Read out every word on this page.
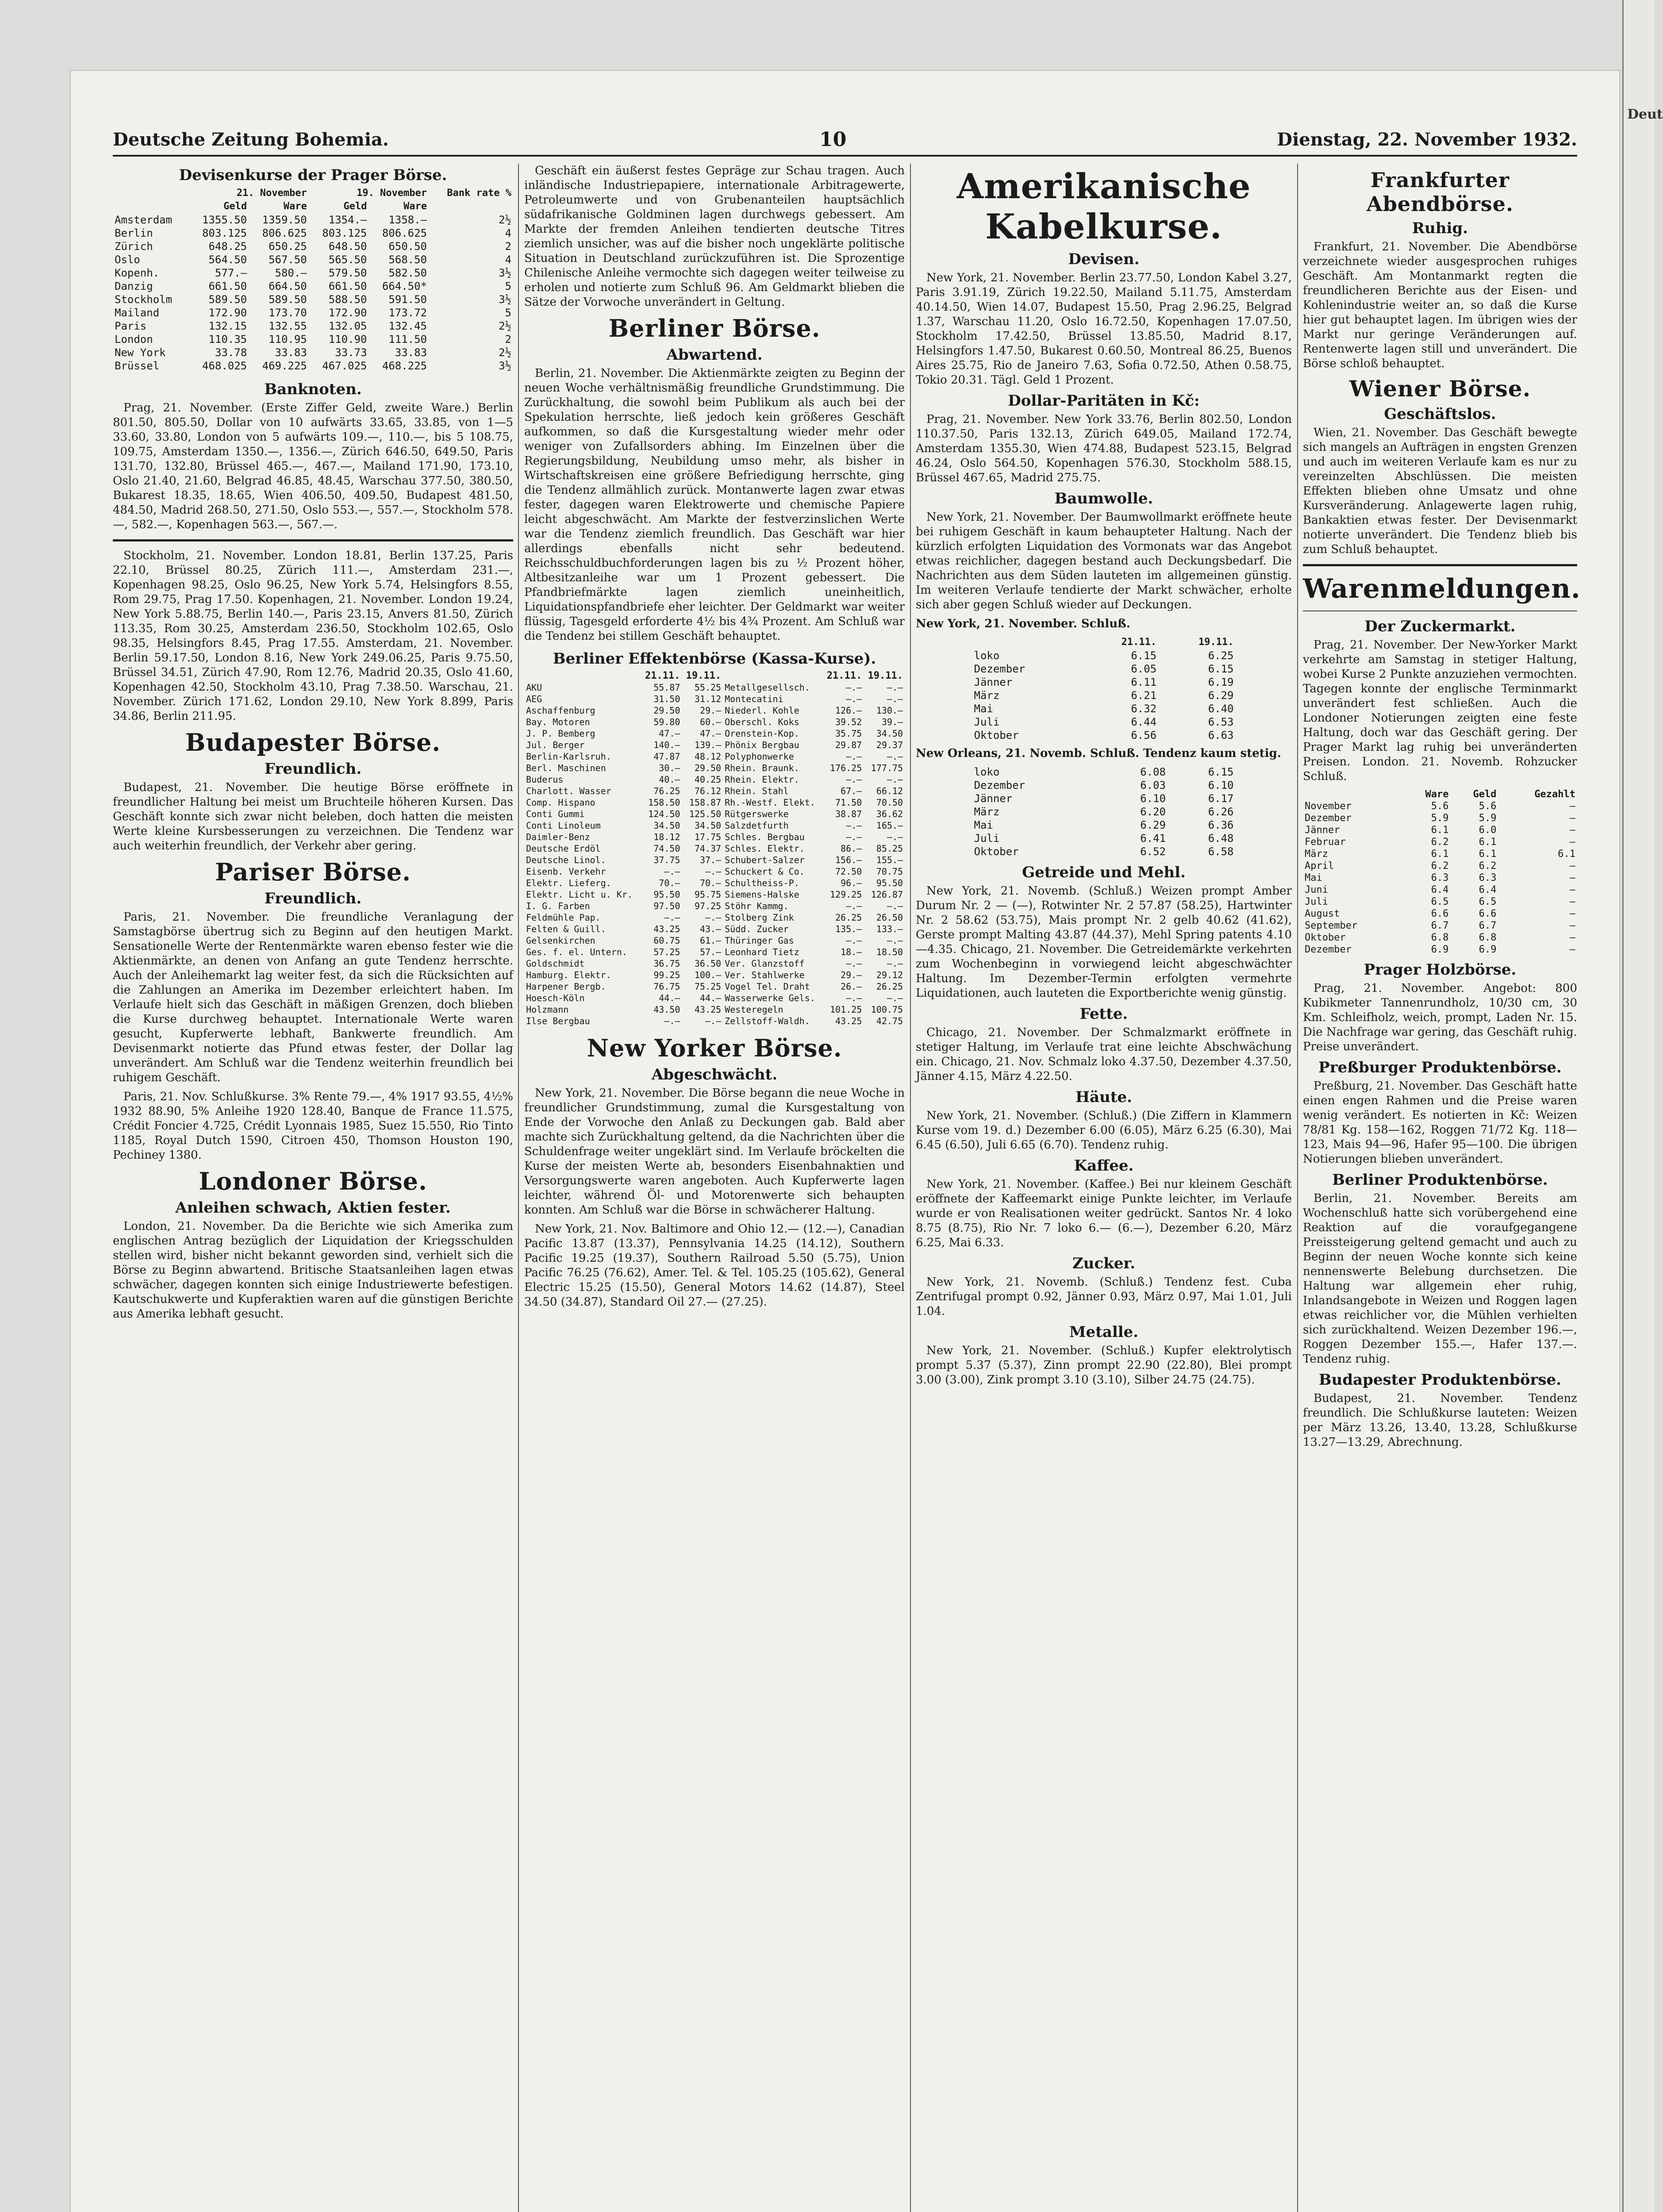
Deutsche Zeitung Bohemia.	10	Dienstag, 22. November 1932.
Devisenkurse der Prager Börse.
	21. November		19. November		Bank rate %
	Geld	Ware	Geld	Ware	
Amsterdam	1355.50	1359.50	1354.—	1358.—	2½
Berlin	803.125	806.625	803.125	806.625	4
Zürich	648.25	650.25	648.50	650.50	2
Oslo	564.50	567.50	565.50	568.50	4
Kopenh.	577.—	580.—	579.50	582.50	3½
Danzig	661.50	664.50	661.50	664.50*	5
Stockholm	589.50	589.50	588.50	591.50	3½
Mailand	172.90	173.70	172.90	173.72	5
Paris	132.15	132.55	132.05	132.45	2½
London	110.35	110.95	110.90	111.50	2
New York	33.78	33.83	33.73	33.83	2½
Brüssel	468.025	469.225	467.025	468.225	3½
Banknoten.

Prag, 21. November. (Erste Ziffer Geld, zweite Ware.) Berlin 801.50, 805.50, Dollar von 10 aufwärts 33.65, 33.85, von 1—5 33.60, 33.80, London von 5 aufwärts 109.—, 110.—, bis 5 108.75, 109.75, Amsterdam 1350.—, 1356.—, Zürich 646.50, 649.50, Paris 131.70, 132.80, Brüssel 465.—, 467.—, Mailand 171.90, 173.10, Oslo 21.40, 21.60, Belgrad 46.85, 48.45, Warschau 377.50, 380.50, Bukarest 18.35, 18.65, Wien 406.50, 409.50, Budapest 481.50, 484.50, Madrid 268.50, 271.50, Oslo 553.—, 557.—, Stockholm 578.—, 582.—, Kopenhagen 563.—, 567.—.

Stockholm, 21. November. London 18.81, Berlin 137.25, Paris 22.10, Brüssel 80.25, Zürich 111.—, Amsterdam 231.—, Kopenhagen 98.25, Oslo 96.25, New York 5.74, Helsingfors 8.55, Rom 29.75, Prag 17.50. Kopenhagen, 21. November. London 19.24, New York 5.88.75, Berlin 140.—, Paris 23.15, Anvers 81.50, Zürich 113.35, Rom 30.25, Amsterdam 236.50, Stockholm 102.65, Oslo 98.35, Helsingfors 8.45, Prag 17.55. Amsterdam, 21. November. Berlin 59.17.50, London 8.16, New York 249.06.25, Paris 9.75.50, Brüssel 34.51, Zürich 47.90, Rom 12.76, Madrid 20.35, Oslo 41.60, Kopenhagen 42.50, Stockholm 43.10, Prag 7.38.50. Warschau, 21. November. Zürich 171.62, London 29.10, New York 8.899, Paris 34.86, Berlin 211.95.

Budapester Börse.
Freundlich.

Budapest, 21. November. Die heutige Börse eröffnete in freundlicher Haltung bei meist um Bruchteile höheren Kursen. Das Geschäft konnte sich zwar nicht beleben, doch hatten die meisten Werte kleine Kursbesserungen zu verzeichnen. Die Tendenz war auch weiterhin freundlich, der Verkehr aber gering.

Pariser Börse.
Freundlich.

Paris, 21. November. Die freundliche Veranlagung der Samstagbörse übertrug sich zu Beginn auf den heutigen Markt. Sensationelle Werte der Rentenmärkte waren ebenso fester wie die Aktienmärkte, an denen von Anfang an gute Tendenz herrschte. Auch der Anleihemarkt lag weiter fest, da sich die Rücksichten auf die Zahlungen an Amerika im Dezember erleichtert haben. Im Verlaufe hielt sich das Geschäft in mäßigen Grenzen, doch blieben die Kurse durchweg behauptet. Internationale Werte waren gesucht, Kupferwerte lebhaft, Bankwerte freundlich. Am Devisenmarkt notierte das Pfund etwas fester, der Dollar lag unverändert. Am Schluß war die Tendenz weiterhin freundlich bei ruhigem Geschäft.

Paris, 21. Nov. Schlußkurse. 3% Rente 79.—, 4% 1917 93.55, 4½% 1932 88.90, 5% Anleihe 1920 128.40, Banque de France 11.575, Crédit Foncier 4.725, Crédit Lyonnais 1985, Suez 15.550, Rio Tinto 1185, Royal Dutch 1590, Citroen 450, Thomson Houston 190, Pechiney 1380.

Londoner Börse.
Anleihen schwach, Aktien fester.

London, 21. November. Da die Berichte wie sich Amerika zum englischen Antrag bezüglich der Liquidation der Kriegsschulden stellen wird, bisher nicht bekannt geworden sind, verhielt sich die Börse zu Beginn abwartend. Britische Staatsanleihen lagen etwas schwächer, dagegen konnten sich einige Industriewerte befestigen. Kautschukwerte und Kupferaktien waren auf die günstigen Berichte aus Amerika lebhaft gesucht.

Geschäft ein äußerst festes Gepräge zur Schau tragen. Auch inländische Industriepapiere, internationale Arbitragewerte, Petroleumwerte und von Grubenanteilen hauptsächlich südafrikanische Goldminen lagen durchwegs gebessert. Am Markte der fremden Anleihen tendierten deutsche Titres ziemlich unsicher, was auf die bisher noch ungeklärte politische Situation in Deutschland zurückzuführen ist. Die Sprozentige Chilenische Anleihe vermochte sich dagegen weiter teilweise zu erholen und notierte zum Schluß 96. Am Geldmarkt blieben die Sätze der Vorwoche unverändert in Geltung.

Berliner Börse.
Abwartend.

Berlin, 21. November. Die Aktienmärkte zeigten zu Beginn der neuen Woche verhältnismäßig freundliche Grundstimmung. Die Zurückhaltung, die sowohl beim Publikum als auch bei der Spekulation herrschte, ließ jedoch kein größeres Geschäft aufkommen, so daß die Kursgestaltung wieder mehr oder weniger von Zufallsorders abhing. Im Einzelnen über die Regierungsbildung, Neubildung umso mehr, als bisher in Wirtschaftskreisen eine größere Befriedigung herrschte, ging die Tendenz allmählich zurück. Montanwerte lagen zwar etwas fester, dagegen waren Elektrowerte und chemische Papiere leicht abgeschwächt. Am Markte der festverzinslichen Werte war die Tendenz ziemlich freundlich. Das Geschäft war hier allerdings ebenfalls nicht sehr bedeutend. Reichsschuldbuchforderungen lagen bis zu ½ Prozent höher, Altbesitzanleihe war um 1 Prozent gebessert. Die Pfandbriefmärkte lagen ziemlich uneinheitlich, Liquidationspfandbriefe eher leichter. Der Geldmarkt war weiter flüssig, Tagesgeld erforderte 4½ bis 4¾ Prozent. Am Schluß war die Tendenz bei stillem Geschäft behauptet.

Berliner Effektenbörse (Kassa-Kurse).
	21.11.	19.11.		21.11.	19.11.
AKU	55.87	55.25	Metallgesellsch.	—.—	—.—
AEG	31.50	31.12	Montecatini	—.—	—.—
Aschaffenburg	29.50	29.—	Niederl. Kohle	126.—	130.—
Bay. Motoren	59.80	60.—	Oberschl. Koks	39.52	39.—
J. P. Bemberg	47.—	47.—	Orenstein-Kop.	35.75	34.50
Jul. Berger	140.—	139.—	Phönix Bergbau	29.87	29.37
Berlin-Karlsruh.	47.87	48.12	Polyphonwerke	—.—	—.—
Berl. Maschinen	30.—	29.50	Rhein. Braunk.	176.25	177.75
Buderus	40.—	40.25	Rhein. Elektr.	—.—	—.—
Charlott. Wasser	76.25	76.12	Rhein. Stahl	67.—	66.12
Comp. Hispano	158.50	158.87	Rh.-Westf. Elekt.	71.50	70.50
Conti Gummi	124.50	125.50	Rütgerswerke	38.87	36.62
Conti Linoleum	34.50	34.50	Salzdetfurth	—.—	165.—
Daimler-Benz	18.12	17.75	Schles. Bergbau	—.—	—.—
Deutsche Erdöl	74.50	74.37	Schles. Elektr.	86.—	85.25
Deutsche Linol.	37.75	37.—	Schubert-Salzer	156.—	155.—
Eisenb. Verkehr	—.—	—.—	Schuckert & Co.	72.50	70.75
Elektr. Lieferg.	70.—	70.—	Schultheiss-P.	96.—	95.50
Elektr. Licht u. Kr.	95.50	95.75	Siemens-Halske	129.25	126.87
I. G. Farben	97.50	97.25	Stöhr Kammg.	—.—	—.—
Feldmühle Pap.	—.—	—.—	Stolberg Zink	26.25	26.50
Felten & Guill.	43.25	43.—	Südd. Zucker	135.—	133.—
Gelsenkirchen	60.75	61.—	Thüringer Gas	—.—	—.—
Ges. f. el. Untern.	57.25	57.—	Leonhard Tietz	18.—	18.50
Goldschmidt	36.75	36.50	Ver. Glanzstoff	—.—	—.—
Hamburg. Elektr.	99.25	100.—	Ver. Stahlwerke	29.—	29.12
Harpener Bergb.	76.75	75.25	Vogel Tel. Draht	26.—	26.25
Hoesch-Köln	44.—	44.—	Wasserwerke Gels.	—.—	—.—
Holzmann	43.50	43.25	Westeregeln	101.25	100.75
Ilse Bergbau	—.—	—.—	Zellstoff-Waldh.	43.25	42.75
New Yorker Börse.
Abgeschwächt.

New York, 21. November. Die Börse begann die neue Woche in freundlicher Grundstimmung, zumal die Kursgestaltung von Ende der Vorwoche den Anlaß zu Deckungen gab. Bald aber machte sich Zurückhaltung geltend, da die Nachrichten über die Schuldenfrage weiter ungeklärt sind. Im Verlaufe bröckelten die Kurse der meisten Werte ab, besonders Eisenbahnaktien und Versorgungswerte waren angeboten. Auch Kupferwerte lagen leichter, während Öl- und Motorenwerte sich behaupten konnten. Am Schluß war die Börse in schwächerer Haltung.

New York, 21. Nov. Baltimore and Ohio 12.— (12.—), Canadian Pacific 13.87 (13.37), Pennsylvania 14.25 (14.12), Southern Pacific 19.25 (19.37), Southern Railroad 5.50 (5.75), Union Pacific 76.25 (76.62), Amer. Tel. & Tel. 105.25 (105.62), General Electric 15.25 (15.50), General Motors 14.62 (14.87), Steel 34.50 (34.87), Standard Oil 27.— (27.25).

Amerikanische Kabelkurse.
Devisen.

New York, 21. November. Berlin 23.77.50, London Kabel 3.27, Paris 3.91.19, Zürich 19.22.50, Mailand 5.11.75, Amsterdam 40.14.50, Wien 14.07, Budapest 15.50, Prag 2.96.25, Belgrad 1.37, Warschau 11.20, Oslo 16.72.50, Kopenhagen 17.07.50, Stockholm 17.42.50, Brüssel 13.85.50, Madrid 8.17, Helsingfors 1.47.50, Bukarest 0.60.50, Montreal 86.25, Buenos Aires 25.75, Rio de Janeiro 7.63, Sofia 0.72.50, Athen 0.58.75, Tokio 20.31. Tägl. Geld 1 Prozent.

Dollar-Paritäten in Kč:

Prag, 21. November. New York 33.76, Berlin 802.50, London 110.37.50, Paris 132.13, Zürich 649.05, Mailand 172.74, Amsterdam 1355.30, Wien 474.88, Budapest 523.15, Belgrad 46.24, Oslo 564.50, Kopenhagen 576.30, Stockholm 588.15, Brüssel 467.65, Madrid 275.75.

Baumwolle.

New York, 21. November. Der Baumwollmarkt eröffnete heute bei ruhigem Geschäft in kaum behaupteter Haltung. Nach der kürzlich erfolgten Liquidation des Vormonats war das Angebot etwas reichlicher, dagegen bestand auch Deckungsbedarf. Die Nachrichten aus dem Süden lauteten im allgemeinen günstig. Im weiteren Verlaufe tendierte der Markt schwächer, erholte sich aber gegen Schluß wieder auf Deckungen.

New York, 21. November. Schluß.

	21.11.	19.11.
loko	6.15	6.25
Dezember	6.05	6.15
Jänner	6.11	6.19
März	6.21	6.29
Mai	6.32	6.40
Juli	6.44	6.53
Oktober	6.56	6.63

New Orleans, 21. Novemb. Schluß. Tendenz kaum stetig.

loko	6.08	6.15
Dezember	6.03	6.10
Jänner	6.10	6.17
März	6.20	6.26
Mai	6.29	6.36
Juli	6.41	6.48
Oktober	6.52	6.58
Getreide und Mehl.

New York, 21. Novemb. (Schluß.) Weizen prompt Amber Durum Nr. 2 — (—), Rotwinter Nr. 2 57.87 (58.25), Hartwinter Nr. 2 58.62 (53.75), Mais prompt Nr. 2 gelb 40.62 (41.62), Gerste prompt Malting 43.87 (44.37), Mehl Spring patents 4.10—4.35. Chicago, 21. November. Die Getreidemärkte verkehrten zum Wochenbeginn in vorwiegend leicht abgeschwächter Haltung. Im Dezember-Termin erfolgten vermehrte Liquidationen, auch lauteten die Exportberichte wenig günstig.

Fette.

Chicago, 21. November. Der Schmalzmarkt eröffnete in stetiger Haltung, im Verlaufe trat eine leichte Abschwächung ein. Chicago, 21. Nov. Schmalz loko 4.37.50, Dezember 4.37.50, Jänner 4.15, März 4.22.50.

Häute.

New York, 21. November. (Schluß.) (Die Ziffern in Klammern Kurse vom 19. d.) Dezember 6.00 (6.05), März 6.25 (6.30), Mai 6.45 (6.50), Juli 6.65 (6.70). Tendenz ruhig.

Kaffee.

New York, 21. November. (Kaffee.) Bei nur kleinem Geschäft eröffnete der Kaffeemarkt einige Punkte leichter, im Verlaufe wurde er von Realisationen weiter gedrückt. Santos Nr. 4 loko 8.75 (8.75), Rio Nr. 7 loko 6.— (6.—), Dezember 6.20, März 6.25, Mai 6.33.

Zucker.

New York, 21. Novemb. (Schluß.) Tendenz fest. Cuba Zentrifugal prompt 0.92, Jänner 0.93, März 0.97, Mai 1.01, Juli 1.04.

Metalle.

New York, 21. November. (Schluß.) Kupfer elektrolytisch prompt 5.37 (5.37), Zinn prompt 22.90 (22.80), Blei prompt 3.00 (3.00), Zink prompt 3.10 (3.10), Silber 24.75 (24.75).

Frankfurter Abendbörse.
Ruhig.

Frankfurt, 21. November. Die Abendbörse verzeichnete wieder ausgesprochen ruhiges Geschäft. Am Montanmarkt regten die freundlicheren Berichte aus der Eisen- und Kohlenindustrie weiter an, so daß die Kurse hier gut behauptet lagen. Im übrigen wies der Markt nur geringe Veränderungen auf. Rentenwerte lagen still und unverändert. Die Börse schloß behauptet.

Wiener Börse.
Geschäftslos.

Wien, 21. November. Das Geschäft bewegte sich mangels an Aufträgen in engsten Grenzen und auch im weiteren Verlaufe kam es nur zu vereinzelten Abschlüssen. Die meisten Effekten blieben ohne Umsatz und ohne Kursveränderung. Anlagewerte lagen ruhig, Bankaktien etwas fester. Der Devisenmarkt notierte unverändert. Die Tendenz blieb bis zum Schluß behauptet.

Warenmeldungen.
Der Zuckermarkt.

Prag, 21. November. Der New-Yorker Markt verkehrte am Samstag in stetiger Haltung, wobei Kurse 2 Punkte anzuziehen vermochten. Tagegen konnte der englische Terminmarkt unverändert fest schließen. Auch die Londoner Notierungen zeigten eine feste Haltung, doch war das Geschäft gering. Der Prager Markt lag ruhig bei unveränderten Preisen. London. 21. Novemb. Rohzucker Schluß.

	Ware	Geld	Gezahlt
November	5.6	5.6	—
Dezember	5.9	5.9	—
Jänner	6.1	6.0	—
Februar	6.2	6.1	—
März	6.1	6.1	6.1
April	6.2	6.2	—
Mai	6.3	6.3	—
Juni	6.4	6.4	—
Juli	6.5	6.5	—
August	6.6	6.6	—
September	6.7	6.7	—
Oktober	6.8	6.8	—
Dezember	6.9	6.9	—
Prager Holzbörse.

Prag, 21. November. Angebot: 800 Kubikmeter Tannenrundholz, 10/30 cm, 30 Km. Schleifholz, weich, prompt, Laden Nr. 15. Die Nachfrage war gering, das Geschäft ruhig. Preise unverändert.

Preßburger Produktenbörse.

Preßburg, 21. November. Das Geschäft hatte einen engen Rahmen und die Preise waren wenig verändert. Es notierten in Kč: Weizen 78/81 Kg. 158—162, Roggen 71/72 Kg. 118—123, Mais 94—96, Hafer 95—100. Die übrigen Notierungen blieben unverändert.

Berliner Produktenbörse.

Berlin, 21. November. Bereits am Wochenschluß hatte sich vorübergehend eine Reaktion auf die voraufgegangene Preissteigerung geltend gemacht und auch zu Beginn der neuen Woche konnte sich keine nennenswerte Belebung durchsetzen. Die Haltung war allgemein eher ruhig, Inlandsangebote in Weizen und Roggen lagen etwas reichlicher vor, die Mühlen verhielten sich zurückhaltend. Weizen Dezember 196.—, Roggen Dezember 155.—, Hafer 137.—. Tendenz ruhig.

Budapester Produktenbörse.

Budapest, 21. November. Tendenz freundlich. Die Schlußkurse lauteten: Weizen per März 13.26, 13.40, 13.28, Schlußkurse 13.27—13.29, Abrechnung.

Deut
